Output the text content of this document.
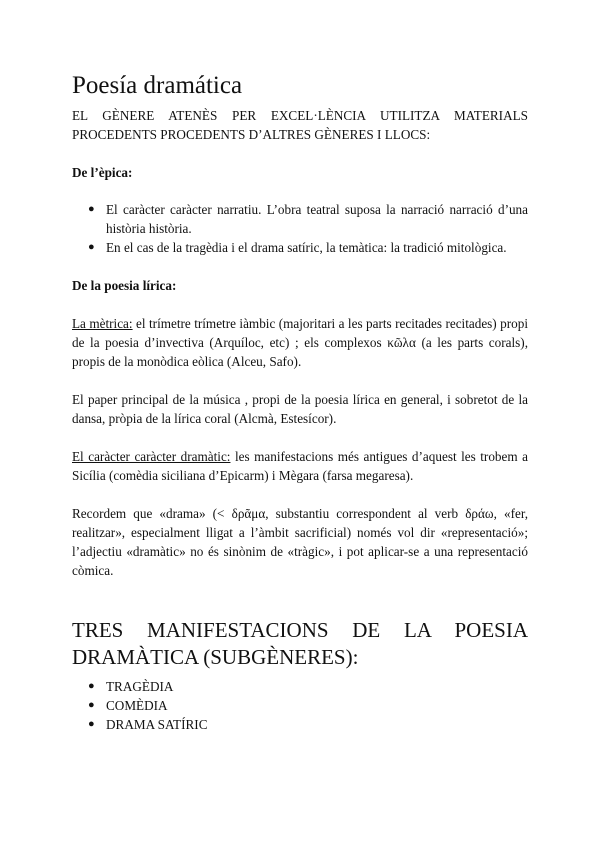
Poesía dramática

EL GÈNERE ATENÈS PER EXCEL·LÈNCIA UTILITZA MATERIALS PROCEDENTS PROCEDENTS D’ALTRES GÈNERES I LLOCS:

De l’èpica:

● El caràcter caràcter narratiu. L’obra teatral suposa la narració narració d’una història història.
● En el cas de la tragèdia i el drama satíric, la temàtica: la tradició mitològica.

De la poesia lírica:

La mètrica: el trímetre trímetre iàmbic (majoritari a les parts recitades recitades) propi de la poesia d’invectiva (Arquíloc, etc) ; els complexos κῶλα (a les parts corals), propis de la monòdica eòlica (Alceu, Safo).

El paper principal de la música , propi de la poesia lírica en general, i sobretot de la dansa, pròpia de la lírica coral (Alcmà, Estesícor).

El caràcter caràcter dramàtic: les manifestacions més antigues d’aquest les trobem a Sicília (comèdia siciliana d’Epicarm) i Mègara (farsa megaresa).

Recordem que «drama» (< δρᾶμα, substantiu correspondent al verb δράω, «fer, realitzar», especialment lligat a l’àmbit sacrificial) només vol dir «representació»; l’adjectiu «dramàtic» no és sinònim de «tràgic», i pot aplicar-se a una representació còmica.

TRES MANIFESTACIONS DE LA POESIA DRAMÀTICA (SUBGÈNERES):
● TRAGÈDIA
● COMÈDIA
● DRAMA SATÍRIC
